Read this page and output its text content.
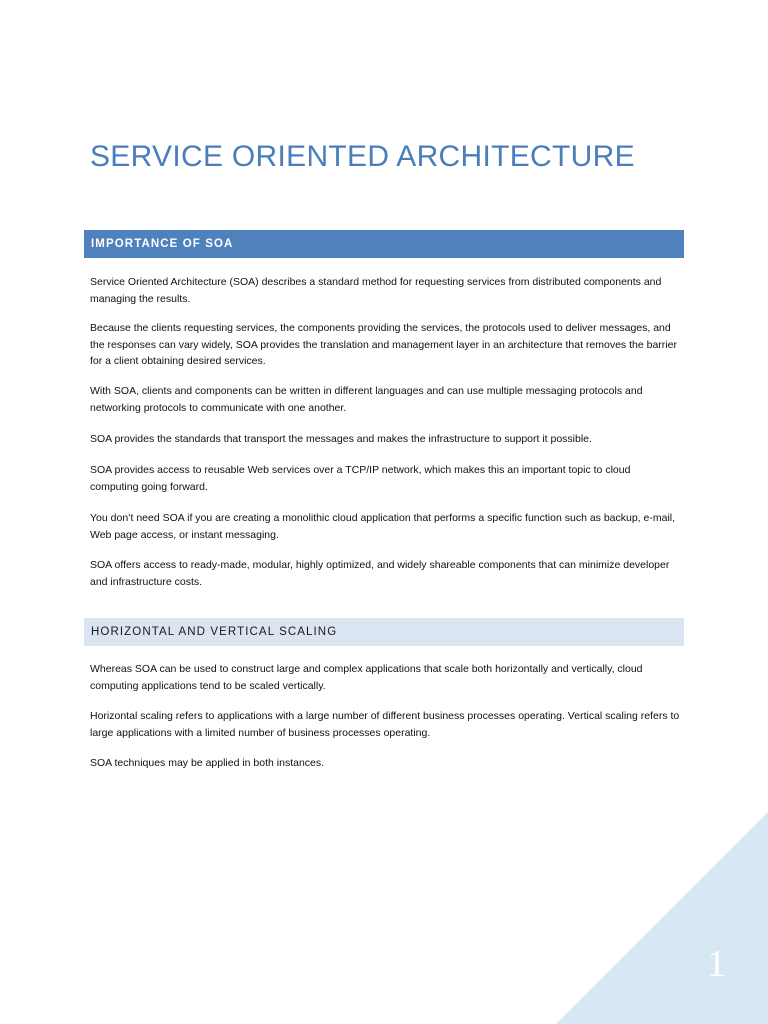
SERVICE ORIENTED ARCHITECTURE
IMPORTANCE OF SOA

Service Oriented Architecture (SOA) describes a standard method for requesting services from distributed components and managing the results.

Because the clients requesting services, the components providing the services, the protocols used to deliver messages, and the responses can vary widely, SOA provides the translation and management layer in an architecture that removes the barrier for a client obtaining desired services.

With SOA, clients and components can be written in different languages and can use multiple messaging protocols and networking protocols to communicate with one another.

SOA provides the standards that transport the messages and makes the infrastructure to support it possible.

SOA provides access to reusable Web services over a TCP/IP network, which makes this an important topic to cloud computing going forward.

You don’t need SOA if you are creating a monolithic cloud application that performs a specific function such as backup, e-mail, Web page access, or instant messaging.

SOA offers access to ready-made, modular, highly optimized, and widely shareable components that can minimize developer and infrastructure costs.

HORIZONTAL AND VERTICAL SCALING

Whereas SOA can be used to construct large and complex applications that scale both horizontally and vertically, cloud computing applications tend to be scaled vertically.

Horizontal scaling refers to applications with a large number of different business processes operating. Vertical scaling refers to large applications with a limited number of business processes operating.

SOA techniques may be applied in both instances.

1
